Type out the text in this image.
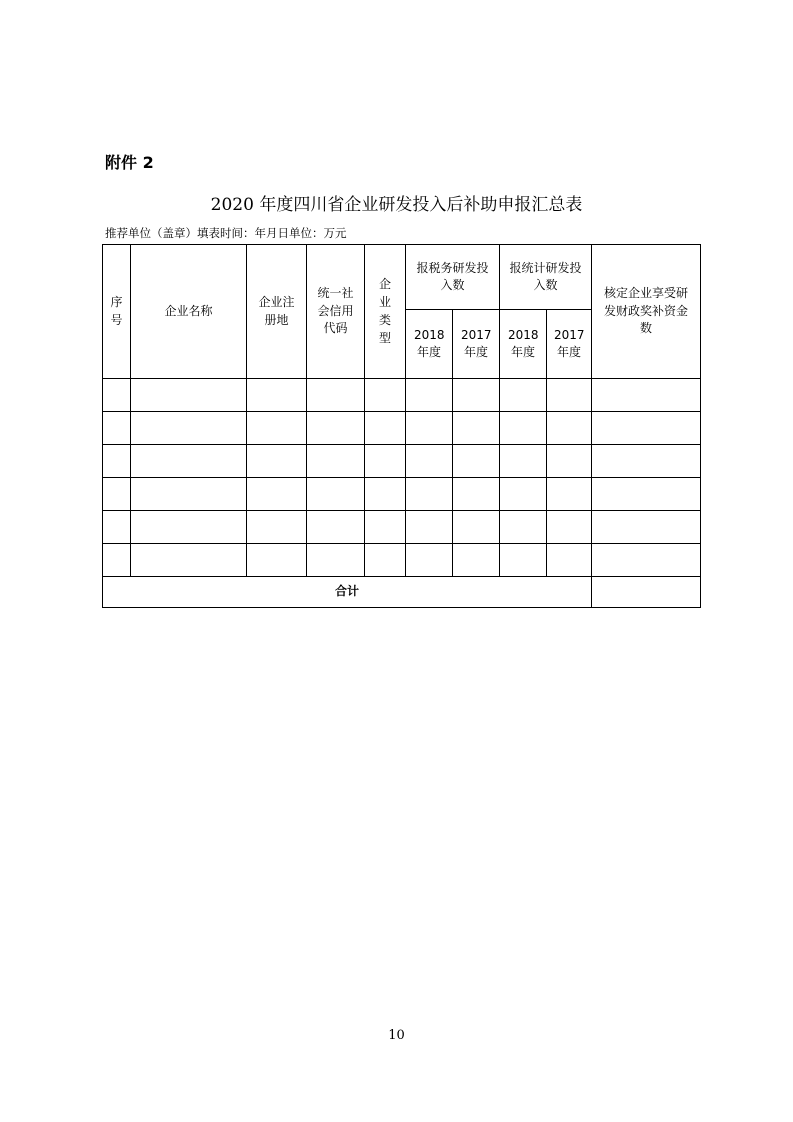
附件 2
2020 年度四川省企业研发投入后补助申报汇总表
推荐单位（盖章）填表时间：年月日单位：万元
序号	企业名称	企业注册地	统一社会信用代码	企业类型	报税务研发投入数		报统计研发投入数		核定企业享受研发财政奖补资金数
					2018 年度	2017 年度	2018 年度	2017 年度	

合计									
10
